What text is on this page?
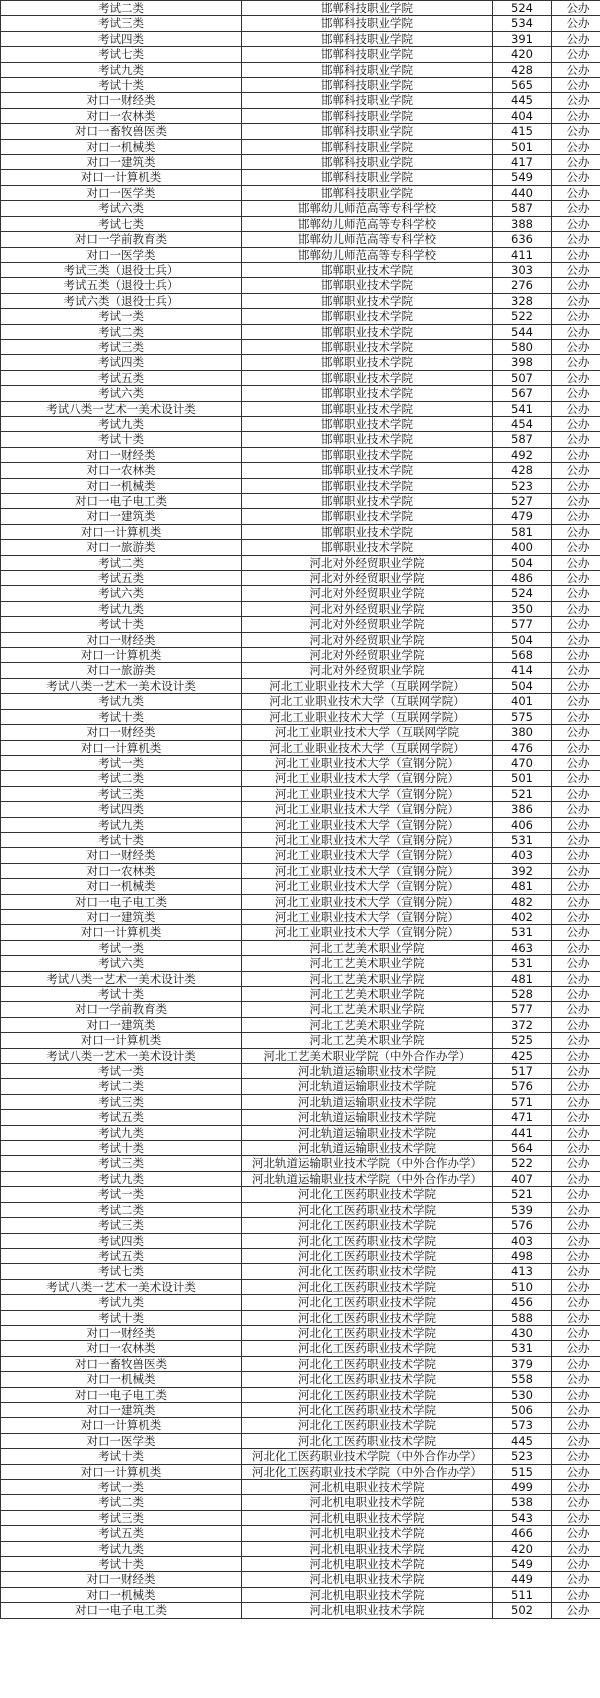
考试二类	邯郸科技职业学院	524	公办
考试三类	邯郸科技职业学院	534	公办
考试四类	邯郸科技职业学院	391	公办
考试七类	邯郸科技职业学院	420	公办
考试九类	邯郸科技职业学院	428	公办
考试十类	邯郸科技职业学院	565	公办
对口一财经类	邯郸科技职业学院	445	公办
对口一农林类	邯郸科技职业学院	404	公办
对口一畜牧兽医类	邯郸科技职业学院	415	公办
对口一机械类	邯郸科技职业学院	501	公办
对口一建筑类	邯郸科技职业学院	417	公办
对口一计算机类	邯郸科技职业学院	549	公办
对口一医学类	邯郸科技职业学院	440	公办
考试六类	邯郸幼儿师范高等专科学校	587	公办
考试七类	邯郸幼儿师范高等专科学校	388	公办
对口一学前教育类	邯郸幼儿师范高等专科学校	636	公办
对口一医学类	邯郸幼儿师范高等专科学校	411	公办
考试三类（退役士兵）	邯郸职业技术学院	303	公办
考试五类（退役士兵）	邯郸职业技术学院	276	公办
考试六类（退役士兵）	邯郸职业技术学院	328	公办
考试一类	邯郸职业技术学院	522	公办
考试二类	邯郸职业技术学院	544	公办
考试三类	邯郸职业技术学院	580	公办
考试四类	邯郸职业技术学院	398	公办
考试五类	邯郸职业技术学院	507	公办
考试六类	邯郸职业技术学院	567	公办
考试八类一艺术一美术设计类	邯郸职业技术学院	541	公办
考试九类	邯郸职业技术学院	454	公办
考试十类	邯郸职业技术学院	587	公办
对口一财经类	邯郸职业技术学院	492	公办
对口一农林类	邯郸职业技术学院	428	公办
对口一机械类	邯郸职业技术学院	523	公办
对口一电子电工类	邯郸职业技术学院	527	公办
对口一建筑类	邯郸职业技术学院	479	公办
对口一计算机类	邯郸职业技术学院	581	公办
对口一旅游类	邯郸职业技术学院	400	公办
考试二类	河北对外经贸职业学院	504	公办
考试五类	河北对外经贸职业学院	486	公办
考试六类	河北对外经贸职业学院	524	公办
考试九类	河北对外经贸职业学院	350	公办
考试十类	河北对外经贸职业学院	577	公办
对口一财经类	河北对外经贸职业学院	504	公办
对口一计算机类	河北对外经贸职业学院	568	公办
对口一旅游类	河北对外经贸职业学院	414	公办
考试八类一艺术一美术设计类	河北工业职业技术大学（互联网学院）	504	公办
考试九类	河北工业职业技术大学（互联网学院）	401	公办
考试十类	河北工业职业技术大学（互联网学院）	575	公办
对口一财经类	河北工业职业技术大学（互联网学院	380	公办
对口一计算机类	河北工业职业技术大学（互联网学院）	476	公办
考试一类	河北工业职业技术大学（宣钢分院）	470	公办
考试二类	河北工业职业技术大学（宣钢分院）	501	公办
考试三类	河北工业职业技术大学（宣钢分院）	521	公办
考试四类	河北工业职业技术大学（宣钢分院）	386	公办
考试九类	河北工业职业技术大学（宣钢分院）	406	公办
考试十类	河北工业职业技术大学（宣钢分院）	531	公办
对口一财经类	河北工业职业技术大学（宣钢分院）	403	公办
对口一农林类	河北工业职业技术大学（宣钢分院）	392	公办
对口一机械类	河北工业职业技术大学（宣钢分院）	481	公办
对口一电子电工类	河北工业职业技术大学（宣钢分院）	482	公办
对口一建筑类	河北工业职业技术大学（宣钢分院）	402	公办
对口一计算机类	河北工业职业技术大学（宣钢分院）	531	公办
考试一类	河北工艺美术职业学院	463	公办
考试六类	河北工艺美术职业学院	531	公办
考试八类一艺术一美术设计类	河北工艺美术职业学院	481	公办
考试十类	河北工艺美术职业学院	528	公办
对口一学前教育类	河北工艺美术职业学院	577	公办
对口一建筑类	河北工艺美术职业学院	372	公办
对口一计算机类	河北工艺美术职业学院	525	公办
考试八类一艺术一美术设计类	河北工艺美术职业学院（中外合作办学）	425	公办
考试一类	河北轨道运输职业技术学院	517	公办
考试二类	河北轨道运输职业技术学院	576	公办
考试三类	河北轨道运输职业技术学院	571	公办
考试五类	河北轨道运输职业技术学院	471	公办
考试九类	河北轨道运输职业技术学院	441	公办
考试十类	河北轨道运输职业技术学院	564	公办
考试三类	河北轨道运输职业技术学院（中外合作办学）	522	公办
考试九类	河北轨道运输职业技术学院（中外合作办学）	407	公办
考试一类	河北化工医药职业技术学院	521	公办
考试二类	河北化工医药职业技术学院	539	公办
考试三类	河北化工医药职业技术学院	576	公办
考试四类	河北化工医药职业技术学院	403	公办
考试五类	河北化工医药职业技术学院	498	公办
考试七类	河北化工医药职业技术学院	413	公办
考试八类一艺术一美术设计类	河北化工医药职业技术学院	510	公办
考试九类	河北化工医药职业技术学院	456	公办
考试十类	河北化工医药职业技术学院	588	公办
对口一财经类	河北化工医药职业技术学院	430	公办
对口一农林类	河北化工医药职业技术学院	531	公办
对口一畜牧兽医类	河北化工医药职业技术学院	379	公办
对口一机械类	河北化工医药职业技术学院	558	公办
对口一电子电工类	河北化工医药职业技术学院	530	公办
对口一建筑类	河北化工医药职业技术学院	506	公办
对口一计算机类	河北化工医药职业技术学院	573	公办
对口一医学类	河北化工医药职业技术学院	445	公办
考试十类	河北化工医药职业技术学院（中外合作办学）	523	公办
对口一计算机类	河北化工医药职业技术学院（中外合作办学）	515	公办
考试一类	河北机电职业技术学院	499	公办
考试二类	河北机电职业技术学院	538	公办
考试三类	河北机电职业技术学院	543	公办
考试五类	河北机电职业技术学院	466	公办
考试九类	河北机电职业技术学院	420	公办
考试十类	河北机电职业技术学院	549	公办
对口一财经类	河北机电职业技术学院	449	公办
对口一机械类	河北机电职业技术学院	511	公办
对口一电子电工类	河北机电职业技术学院	502	公办
